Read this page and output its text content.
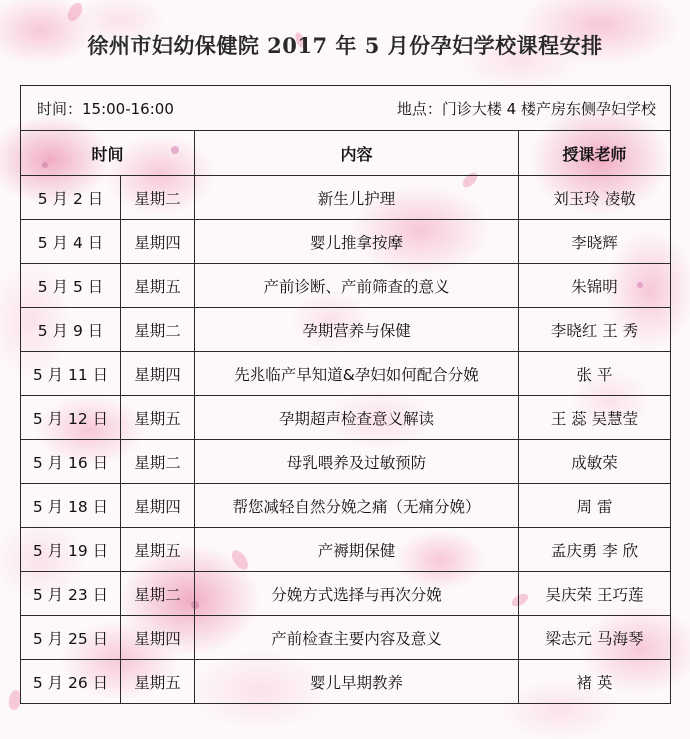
徐州市妇幼保健院 2017 年 5 月份孕妇学校课程安排
时间：15:00-16:00 地点：门诊大楼 4 楼产房东侧孕妇学校			

时间		内容	授课老师
5 月 2 日	星期二	新生儿护理	刘玉玲 凌敬
5 月 4 日	星期四	婴儿推拿按摩	李晓辉
5 月 5 日	星期五	产前诊断、产前筛查的意义	朱锦明
5 月 9 日	星期二	孕期营养与保健	李晓红 王 秀
5 月 11 日	星期四	先兆临产早知道&孕妇如何配合分娩	张 平
5 月 12 日	星期五	孕期超声检查意义解读	王 蕊 吴慧莹
5 月 16 日	星期二	母乳喂养及过敏预防	成敏荣
5 月 18 日	星期四	帮您减轻自然分娩之痛（无痛分娩）	周 雷
5 月 19 日	星期五	产褥期保健	孟庆勇 李 欣
5 月 23 日	星期二	分娩方式选择与再次分娩	吴庆荣 王巧莲
5 月 25 日	星期四	产前检查主要内容及意义	梁志元 马海琴
5 月 26 日	星期五	婴儿早期教养	褚 英
